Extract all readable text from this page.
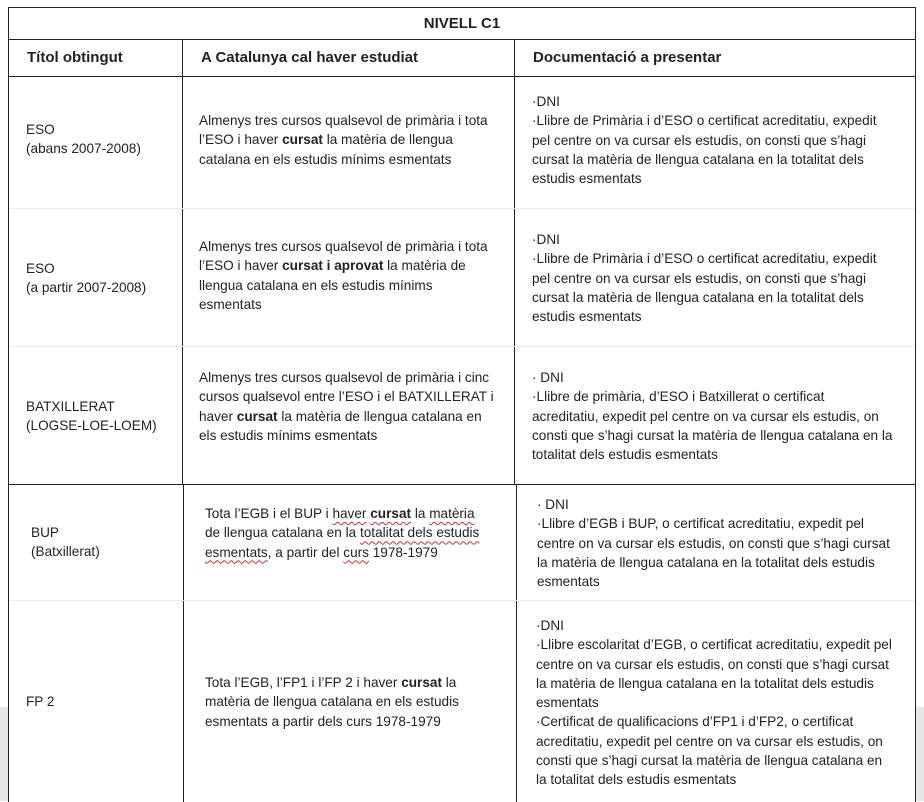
NIVELL C1
Títol obtingut	A Catalunya cal haver estudiat	Documentació a presentar
ESO
(abans 2007-2008)
Almenys tres cursos qualsevol de primària i tota l’ESO i haver cursat la matèria de llengua catalana en els estudis mínims esmentats
·DNI
·Llibre de Primària i d’ESO o certificat acreditatiu, expedit pel centre on va cursar els estudis, on consti que s’hagi cursat la matèria de llengua catalana en la totalitat dels estudis esmentats
ESO
(a partir 2007-2008)
Almenys tres cursos qualsevol de primària i tota l’ESO i haver cursat i aprovat la matèria de llengua catalana en els estudis mínims esmentats
·DNI
·Llibre de Primària i d’ESO o certificat acreditatiu, expedit pel centre on va cursar els estudis, on consti que s’hagi cursat la matèria de llengua catalana en la totalitat dels estudis esmentats
BATXILLERAT
(LOGSE-LOE-LOEM)
Almenys tres cursos qualsevol de primària i cinc cursos qualsevol entre l’ESO i el BATXILLERAT i haver cursat la matèria de llengua catalana en els estudis mínims esmentats
· DNI
·Llibre de primària, d’ESO i Batxillerat o certificat acreditatiu, expedit pel centre on va cursar els estudis, on consti que s’hagi cursat la matèria de llengua catalana en la totalitat dels estudis esmentats
BUP
(Batxillerat)
Tota l’EGB i el BUP i haver cursat la matèria de llengua catalana en la totalitat dels estudis esmentats, a partir del curs 1978-1979
· DNI
·Llibre d’EGB i BUP, o certificat acreditatiu, expedit pel centre on va cursar els estudis, on consti que s’hagi cursat la matèria de llengua catalana en la totalitat dels estudis esmentats
FP 2
Tota l’EGB, l’FP1 i l’FP 2 i haver cursat la matèria de llengua catalana en els estudis esmentats a partir dels curs 1978-1979
·DNI
·Llibre escolaritat d’EGB, o certificat acreditatiu, expedit pel centre on va cursar els estudis, on consti que s’hagi cursat la matèria de llengua catalana en la totalitat dels estudis esmentats
·Certificat de qualificacions d’FP1 i d’FP2, o certificat acreditatiu, expedit pel centre on va cursar els estudis, on consti que s’hagi cursat la matèria de llengua catalana en la totalitat dels estudis esmentats
